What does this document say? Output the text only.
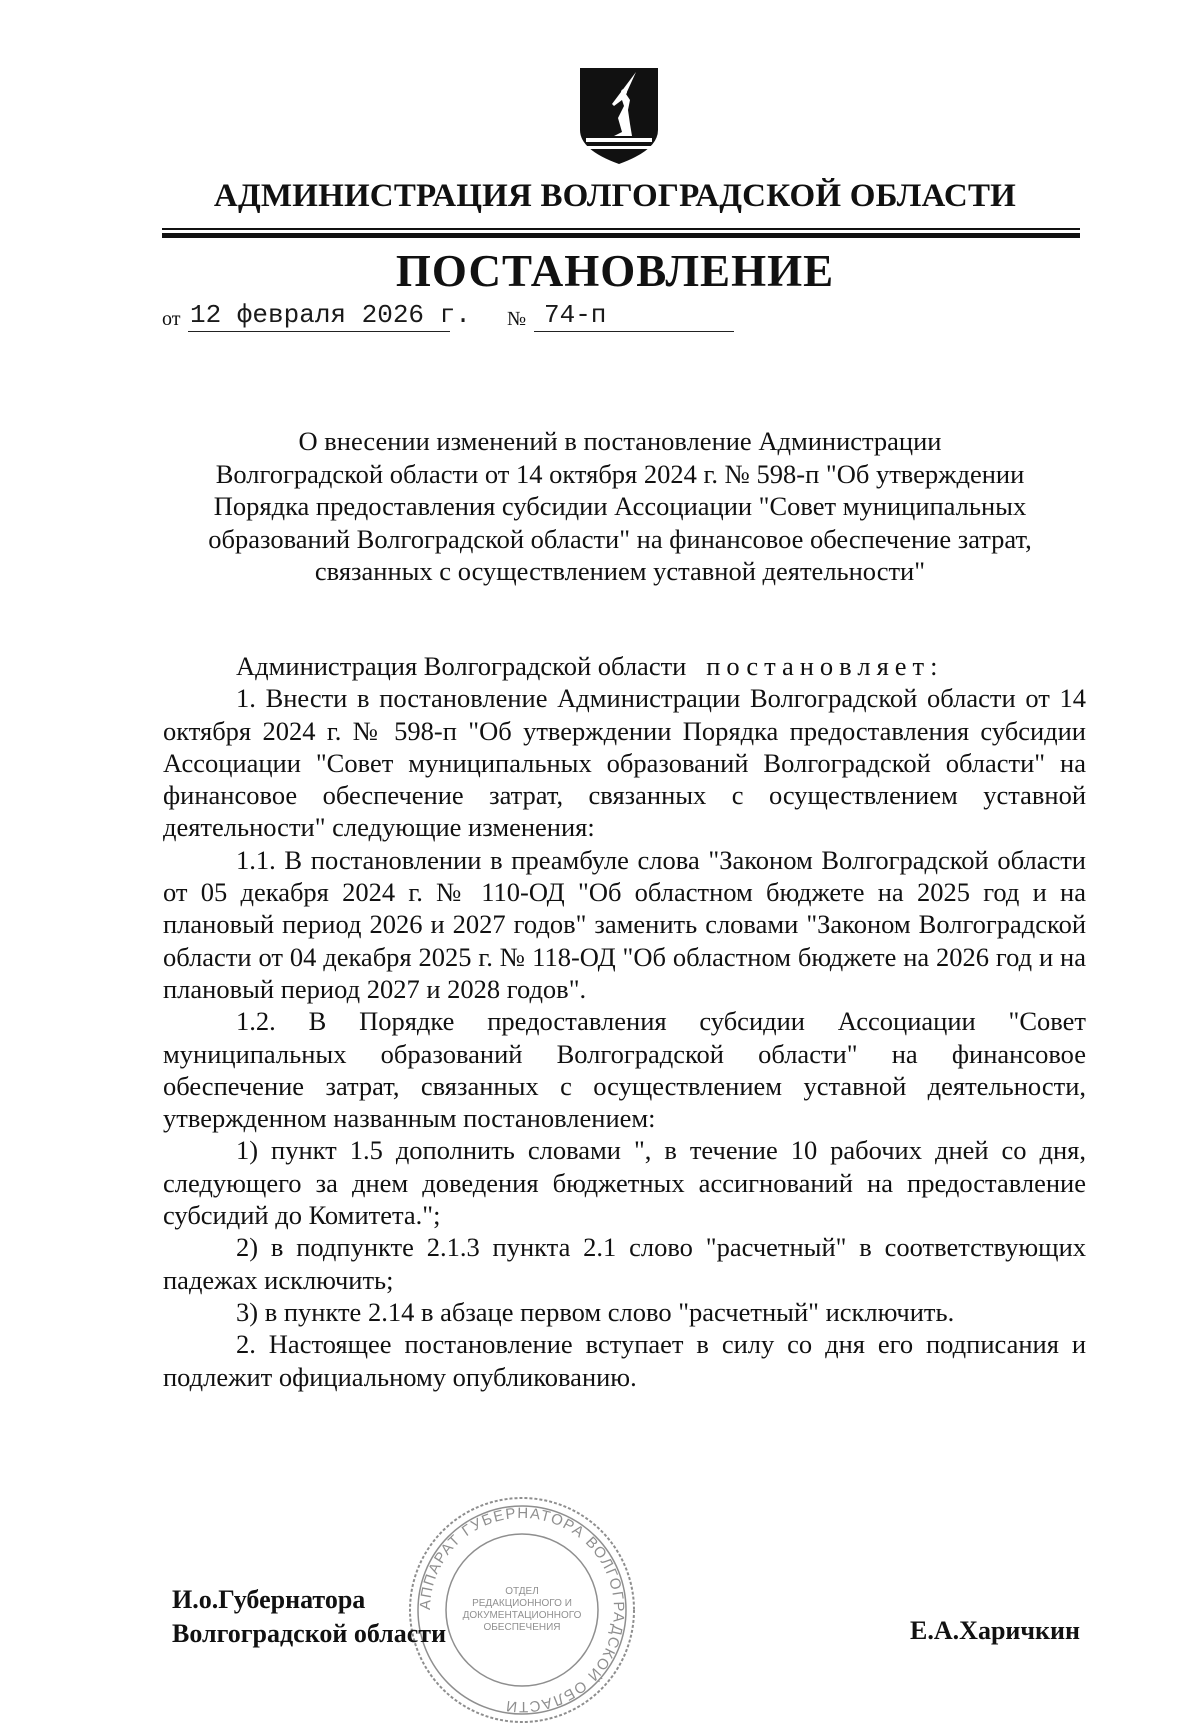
АДМИНИСТРАЦИЯ ВОЛГОГРАДСКОЙ ОБЛАСТИ
ПОСТАНОВЛЕНИЕ
от 12 февраля 2026 г. № 74-п
О внесении изменений в постановление Администрации
Волгоградской области от 14 октября 2024 г. № 598-п "Об утверждении
Порядка предоставления субсидии Ассоциации "Совет муниципальных
образований Волгоградской области" на финансовое обеспечение затрат,
связанных с осуществлением уставной деятельности"

Администрация Волгоградской области постановляет:

1. Внести в постановление Администрации Волгоградской области от 14 октября 2024 г. № 598-п "Об утверждении Порядка предоставления субсидии Ассоциации "Совет муниципальных образований Волгоградской области" на финансовое обеспечение затрат, связанных с осуществлением уставной деятельности" следующие изменения:

1.1. В постановлении в преамбуле слова "Законом Волгоградской области от 05 декабря 2024 г. № 110-ОД "Об областном бюджете на 2025 год и на плановый период 2026 и 2027 годов" заменить словами "Законом Волгоградской области от 04 декабря 2025 г. № 118-ОД "Об областном бюджете на 2026 год и на плановый период 2027 и 2028 годов".

1.2. В Порядке предоставления субсидии Ассоциации "Совет муниципальных образований Волгоградской области" на финансовое обеспечение затрат, связанных с осуществлением уставной деятельности, утвержденном названным постановлением:

1) пункт 1.5 дополнить словами ", в течение 10 рабочих дней со дня, следующего за днем доведения бюджетных ассигнований на предоставление субсидий до Комитета.";

2) в подпункте 2.1.3 пункта 2.1 слово "расчетный" в соответствующих падежах исключить;

3) в пункте 2.14 в абзаце первом слово "расчетный" исключить.

2. Настоящее постановление вступает в силу со дня его подписания и подлежит официальному опубликованию.

АППАРАТ ГУБЕРНАТОРА ВОЛГОГРАДСКОЙ ОБЛАСТИ
ОТДЕЛ РЕДАКЦИОННОГО И ДОКУМЕНТАЦИОННОГО ОБЕСПЕЧЕНИЯ
И.о.Губернатора
Волгоградской области	Е.А.Харичкин
